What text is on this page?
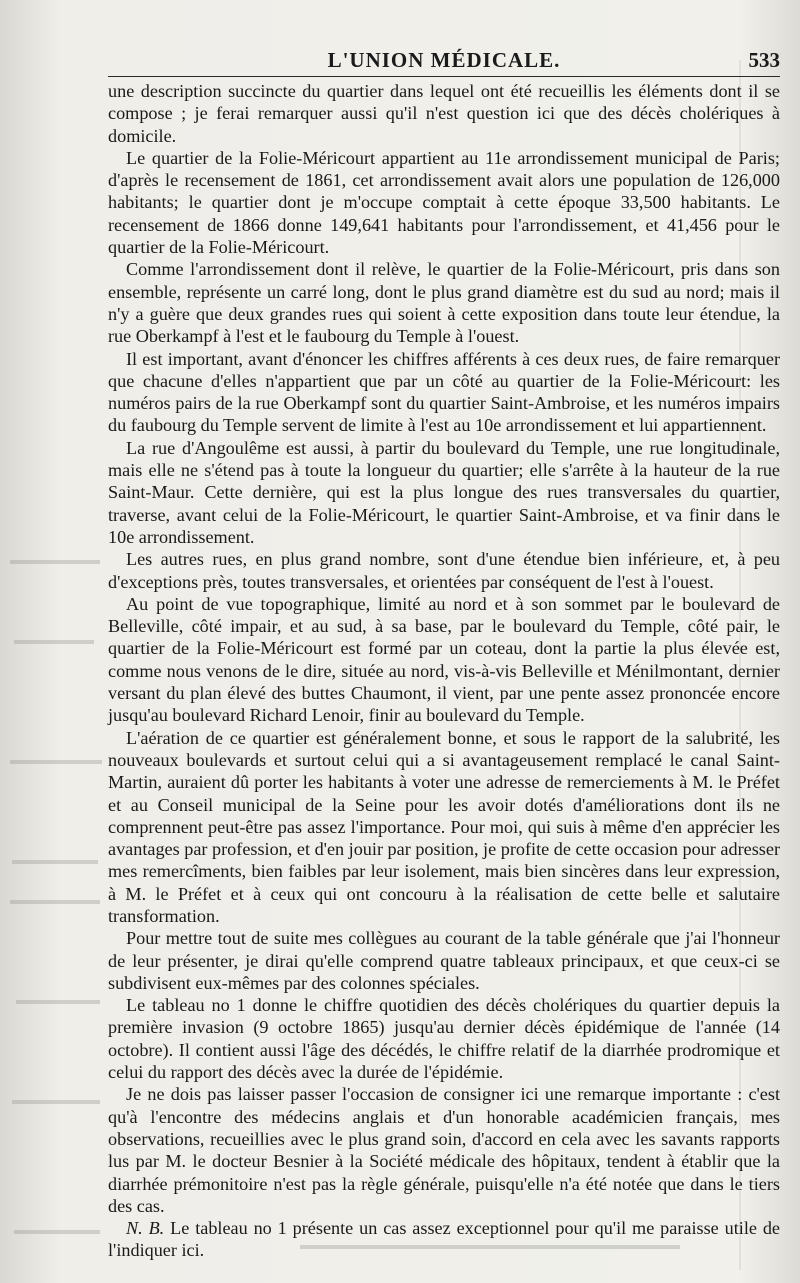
L'UNION MÉDICALE.	533

une description succincte du quartier dans lequel ont été recueillis les éléments dont il se compose ; je ferai remarquer aussi qu'il n'est question ici que des décès cholériques à domicile.

Le quartier de la Folie-Méricourt appartient au 11e arrondissement municipal de Paris; d'après le recensement de 1861, cet arrondissement avait alors une population de 126,000 habitants; le quartier dont je m'occupe comptait à cette époque 33,500 habitants. Le recensement de 1866 donne 149,641 habitants pour l'arrondissement, et 41,456 pour le quartier de la Folie-Méricourt.

Comme l'arrondissement dont il relève, le quartier de la Folie-Méricourt, pris dans son ensemble, représente un carré long, dont le plus grand diamètre est du sud au nord; mais il n'y a guère que deux grandes rues qui soient à cette exposition dans toute leur étendue, la rue Oberkampf à l'est et le faubourg du Temple à l'ouest.

Il est important, avant d'énoncer les chiffres afférents à ces deux rues, de faire remarquer que chacune d'elles n'appartient que par un côté au quartier de la Folie-Méricourt: les numéros pairs de la rue Oberkampf sont du quartier Saint-Ambroise, et les numéros impairs du faubourg du Temple servent de limite à l'est au 10e arrondissement et lui appartiennent.

La rue d'Angoulême est aussi, à partir du boulevard du Temple, une rue longitudinale, mais elle ne s'étend pas à toute la longueur du quartier; elle s'arrête à la hauteur de la rue Saint-Maur. Cette dernière, qui est la plus longue des rues transversales du quartier, traverse, avant celui de la Folie-Méricourt, le quartier Saint-Ambroise, et va finir dans le 10e arrondissement.

Les autres rues, en plus grand nombre, sont d'une étendue bien inférieure, et, à peu d'exceptions près, toutes transversales, et orientées par conséquent de l'est à l'ouest.

Au point de vue topographique, limité au nord et à son sommet par le boulevard de Belleville, côté impair, et au sud, à sa base, par le boulevard du Temple, côté pair, le quartier de la Folie-Méricourt est formé par un coteau, dont la partie la plus élevée est, comme nous venons de le dire, située au nord, vis-à-vis Belleville et Ménilmontant, dernier versant du plan élevé des buttes Chaumont, il vient, par une pente assez prononcée encore jusqu'au boulevard Richard Lenoir, finir au boulevard du Temple.

L'aération de ce quartier est généralement bonne, et sous le rapport de la salubrité, les nouveaux boulevards et surtout celui qui a si avantageusement remplacé le canal Saint-Martin, auraient dû porter les habitants à voter une adresse de remerciements à M. le Préfet et au Conseil municipal de la Seine pour les avoir dotés d'améliorations dont ils ne comprennent peut-être pas assez l'importance. Pour moi, qui suis à même d'en apprécier les avantages par profession, et d'en jouir par position, je profite de cette occasion pour adresser mes remercîments, bien faibles par leur isolement, mais bien sincères dans leur expression, à M. le Préfet et à ceux qui ont concouru à la réalisation de cette belle et salutaire transformation.

Pour mettre tout de suite mes collègues au courant de la table générale que j'ai l'honneur de leur présenter, je dirai qu'elle comprend quatre tableaux principaux, et que ceux-ci se subdivisent eux-mêmes par des colonnes spéciales.

Le tableau no 1 donne le chiffre quotidien des décès cholériques du quartier depuis la première invasion (9 octobre 1865) jusqu'au dernier décès épidémique de l'année (14 octobre). Il contient aussi l'âge des décédés, le chiffre relatif de la diarrhée prodromique et celui du rapport des décès avec la durée de l'épidémie.

Je ne dois pas laisser passer l'occasion de consigner ici une remarque importante : c'est qu'à l'encontre des médecins anglais et d'un honorable académicien français, mes observations, recueillies avec le plus grand soin, d'accord en cela avec les savants rapports lus par M. le docteur Besnier à la Société médicale des hôpitaux, tendent à établir que la diarrhée prémonitoire n'est pas la règle générale, puisqu'elle n'a été notée que dans le tiers des cas.

N. B. Le tableau no 1 présente un cas assez exceptionnel pour qu'il me paraisse utile de l'indiquer ici.
